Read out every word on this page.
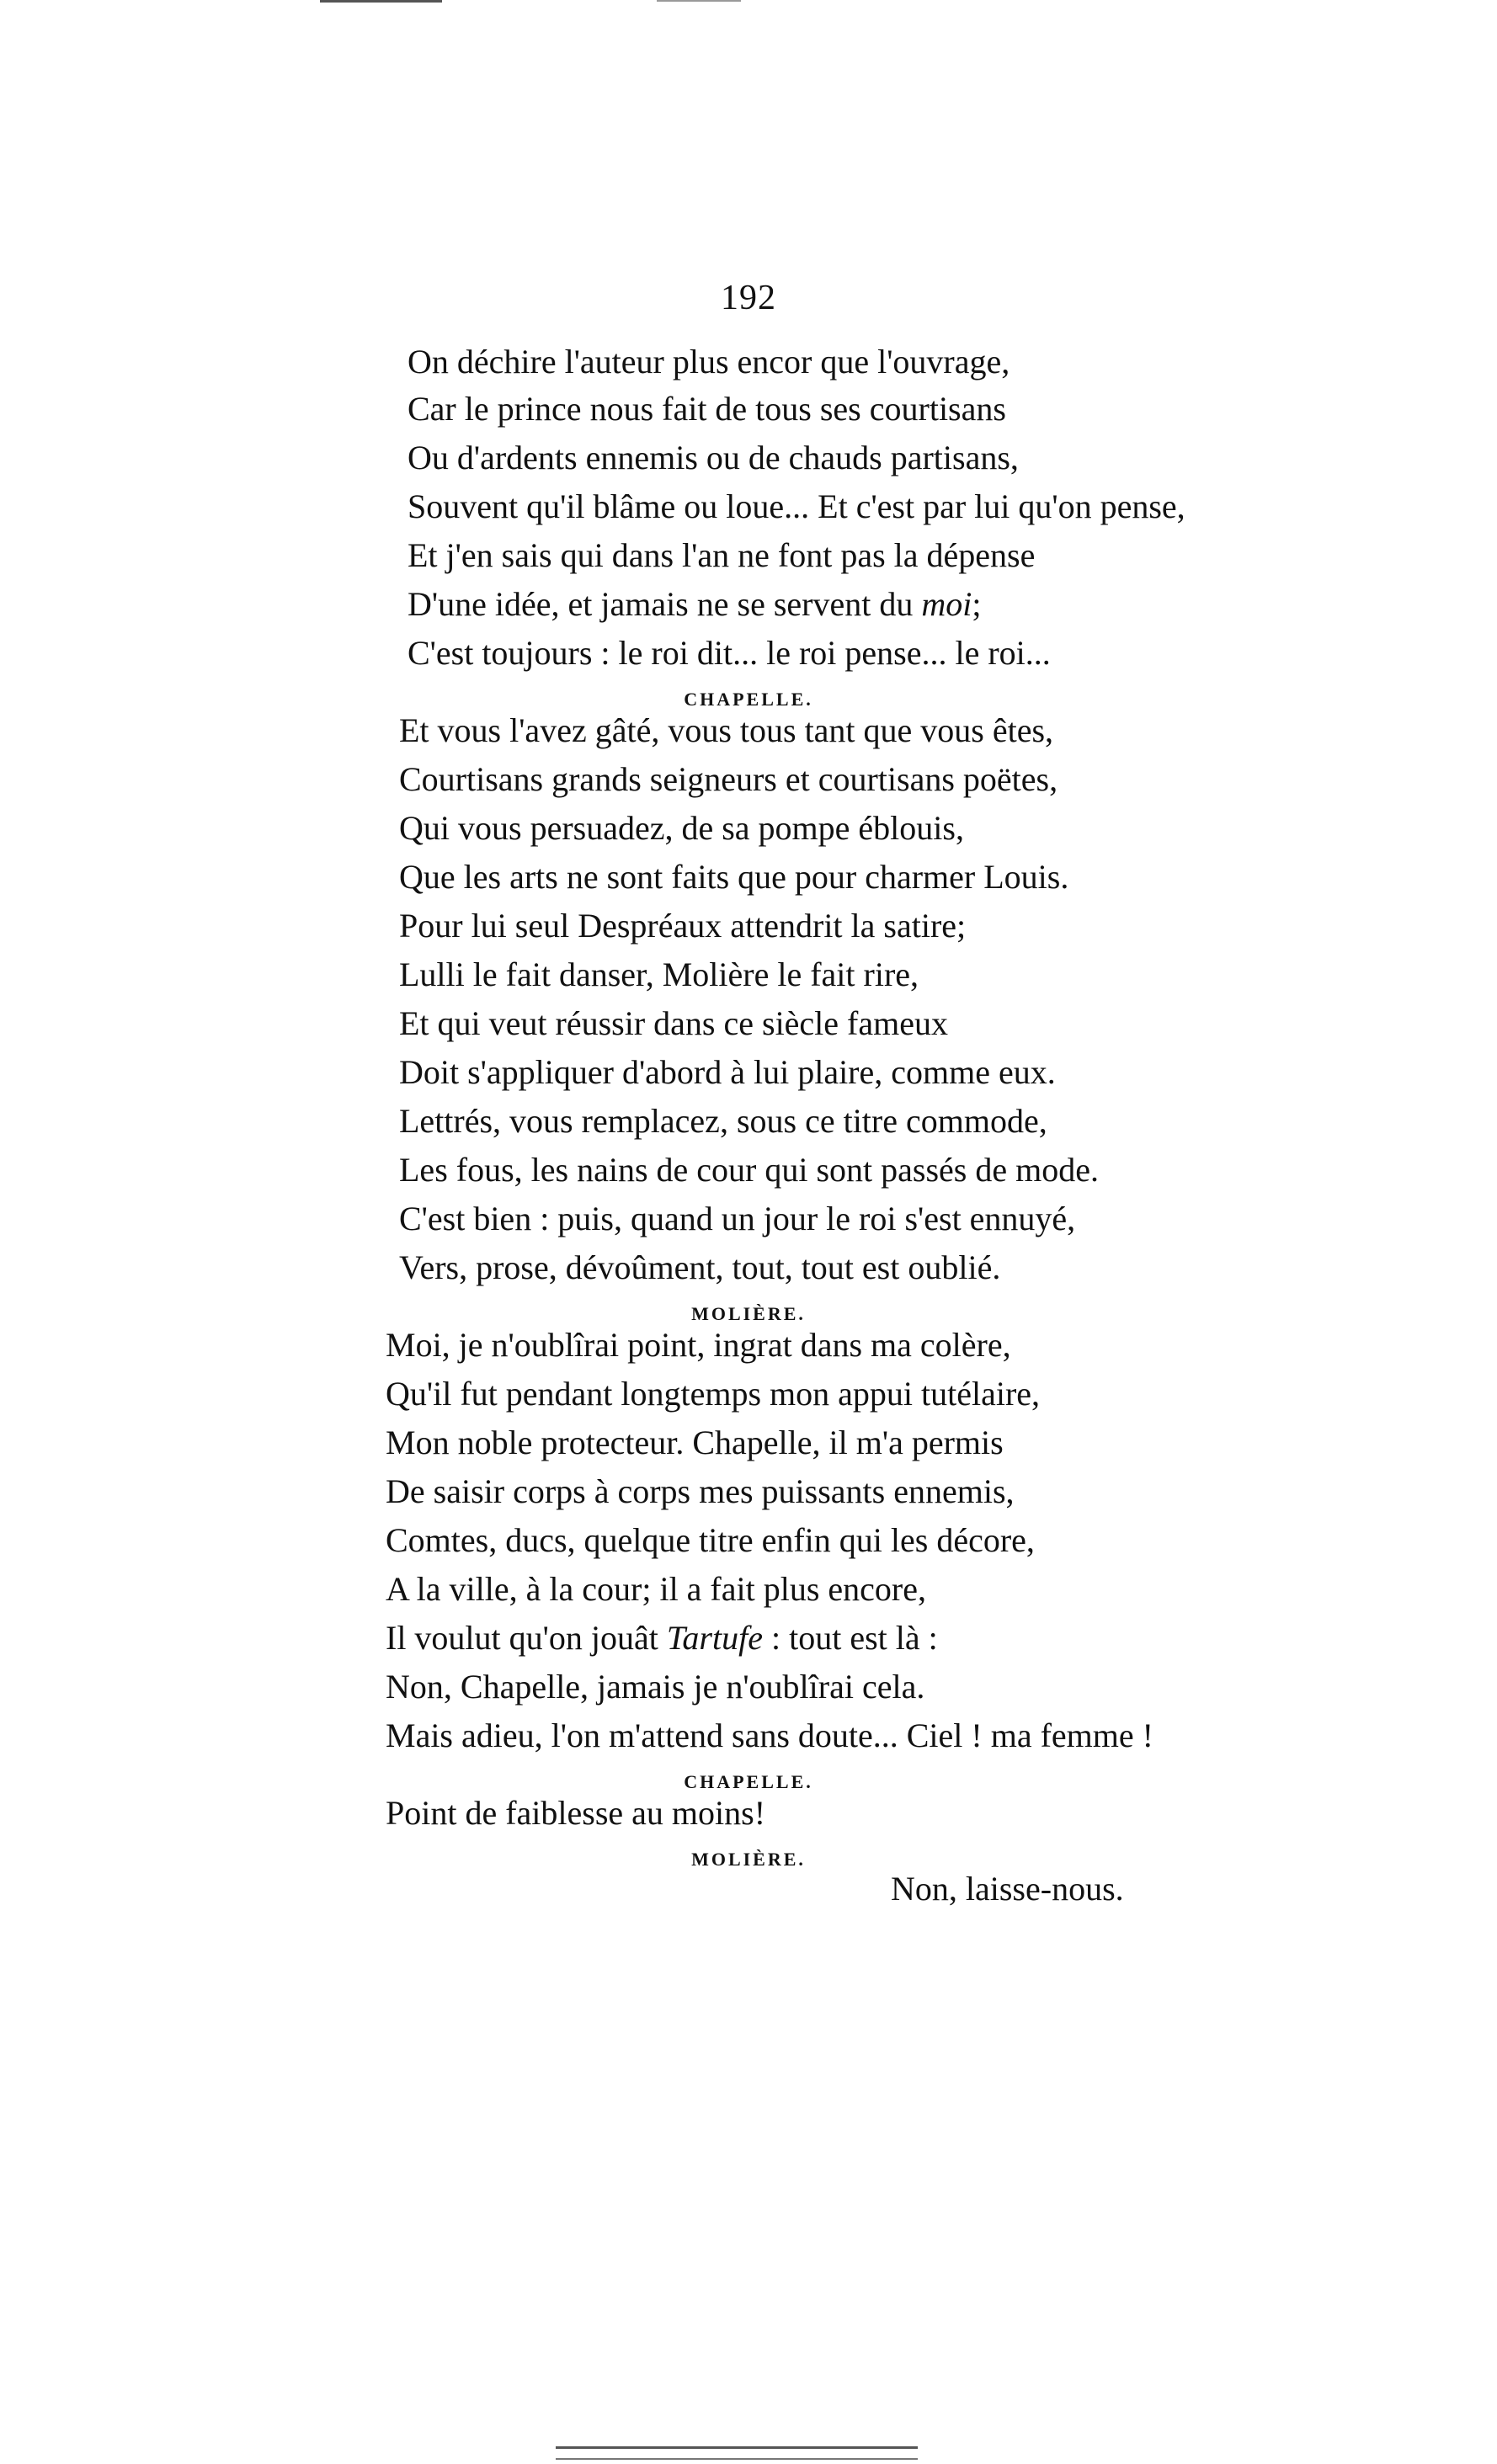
192
On déchire l'auteur plus encor que l'ouvrage,
Car le prince nous fait de tous ses courtisans
Ou d'ardents ennemis ou de chauds partisans,
Souvent qu'il blâme ou loue... Et c'est par lui qu'on pense,
Et j'en sais qui dans l'an ne font pas la dépense
D'une idée, et jamais ne se servent du moi;
C'est toujours : le roi dit... le roi pense... le roi...
CHAPELLE.
Et vous l'avez gâté, vous tous tant que vous êtes,
Courtisans grands seigneurs et courtisans poëtes,
Qui vous persuadez, de sa pompe éblouis,
Que les arts ne sont faits que pour charmer Louis.
Pour lui seul Despréaux attendrit la satire;
Lulli le fait danser, Molière le fait rire,
Et qui veut réussir dans ce siècle fameux
Doit s'appliquer d'abord à lui plaire, comme eux.
Lettrés, vous remplacez, sous ce titre commode,
Les fous, les nains de cour qui sont passés de mode.
C'est bien : puis, quand un jour le roi s'est ennuyé,
Vers, prose, dévoûment, tout, tout est oublié.
MOLIÈRE.
Moi, je n'oublîrai point, ingrat dans ma colère,
Qu'il fut pendant longtemps mon appui tutélaire,
Mon noble protecteur. Chapelle, il m'a permis
De saisir corps à corps mes puissants ennemis,
Comtes, ducs, quelque titre enfin qui les décore,
A la ville, à la cour; il a fait plus encore,
Il voulut qu'on jouât Tartufe : tout est là :
Non, Chapelle, jamais je n'oublîrai cela.
Mais adieu, l'on m'attend sans doute... Ciel ! ma femme !
CHAPELLE.
Point de faiblesse au moins!
MOLIÈRE.
Non, laisse-nous.
